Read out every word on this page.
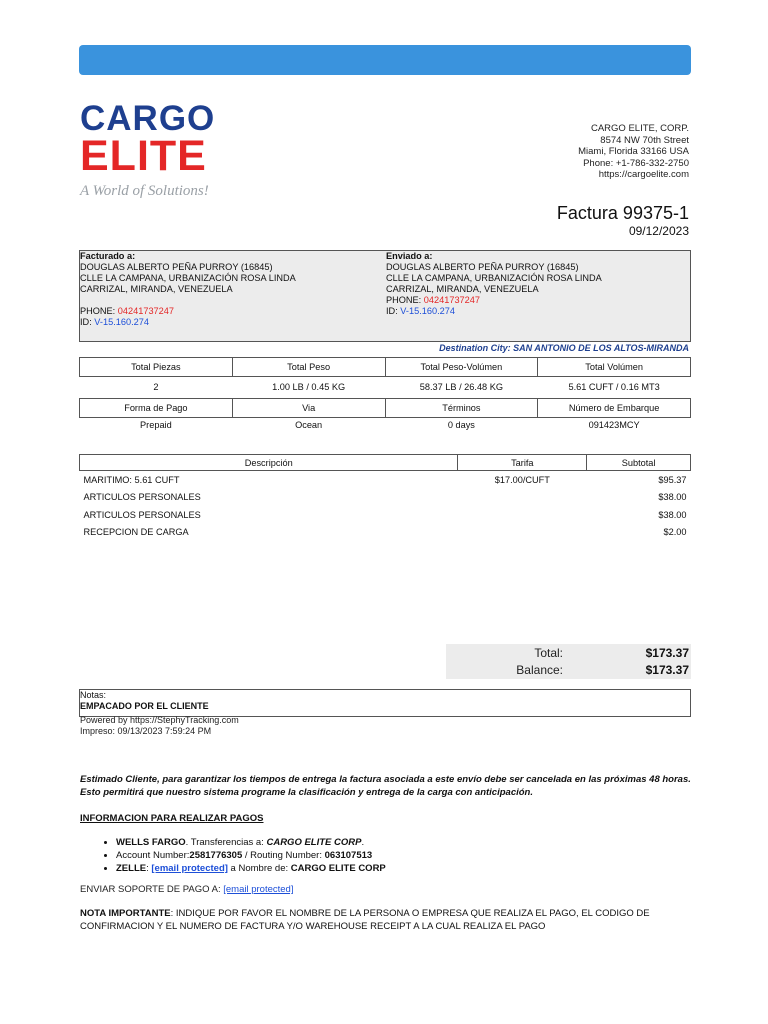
CARGO
ELITE
A World of Solutions!
CARGO ELITE, CORP.
8574 NW 70th Street
Miami, Florida 33166 USA
Phone: +1-786-332-2750
https://cargoelite.com
Factura 99375-1
09/12/2023
Facturado a:
DOUGLAS ALBERTO PEÑA PURROY (16845)
CLLE LA CAMPANA, URBANIZACIÓN ROSA LINDA
CARRIZAL, MIRANDA, VENEZUELA

PHONE: 04241737247
ID: V-15.160.274
Enviado a:
DOUGLAS ALBERTO PEÑA PURROY (16845)
CLLE LA CAMPANA, URBANIZACIÓN ROSA LINDA
CARRIZAL, MIRANDA, VENEZUELA
PHONE: 04241737247
ID: V-15.160.274
Destination City: SAN ANTONIO DE LOS ALTOS-MIRANDA
Total Piezas	Total Peso	Total Peso-Volúmen	Total Volúmen
2	1.00 LB / 0.45 KG	58.37 LB / 26.48 KG	5.61 CUFT / 0.16 MT3
Forma de Pago	Via	Términos	Número de Embarque
Prepaid	Ocean	0 days	091423MCY
Descripción	Tarifa	Subtotal
MARITIMO: 5.61 CUFT	$17.00/CUFT	$95.37
ARTICULOS PERSONALES		$38.00
ARTICULOS PERSONALES		$38.00
RECEPCION DE CARGA		$2.00
Total:	$173.37
Balance:	$173.37
Notas:
EMPACADO POR EL CLIENTE
Powered by https://StephyTracking.com
Impreso: 09/13/2023 7:59:24 PM
Estimado Cliente, para garantizar los tiempos de entrega la factura asociada a este envío debe ser cancelada en las próximas 48 horas.
Esto permitirá que nuestro sistema programe la clasificación y entrega de la carga con anticipación.
INFORMACION PARA REALIZAR PAGOS
• WELLS FARGO. Transferencias a: CARGO ELITE CORP.
• Account Number:2581776305 / Routing Number: 063107513
• ZELLE: [email protected] a Nombre de: CARGO ELITE CORP
ENVIAR SOPORTE DE PAGO A: [email protected]
NOTA IMPORTANTE: INDIQUE POR FAVOR EL NOMBRE DE LA PERSONA O EMPRESA QUE REALIZA EL PAGO, EL CODIGO DE CONFIRMACION Y EL NUMERO DE FACTURA Y/O WAREHOUSE RECEIPT A LA CUAL REALIZA EL PAGO
